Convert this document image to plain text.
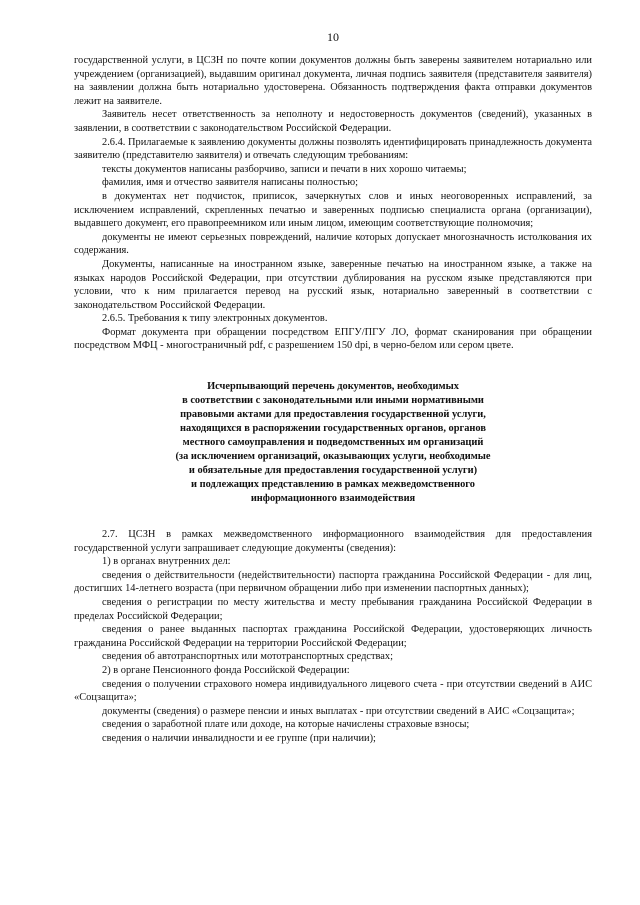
10

государственной услуги, в ЦСЗН по почте копии документов должны быть заверены заявителем нотариально или учреждением (организацией), выдавшим оригинал документа, личная подпись заявителя (представителя заявителя) на заявлении должна быть нотариально удостоверена. Обязанность подтверждения факта отправки документов лежит на заявителе.

Заявитель несет ответственность за неполноту и недостоверность документов (сведений), указанных в заявлении, в соответствии с законодательством Российской Федерации.

2.6.4. Прилагаемые к заявлению документы должны позволять идентифицировать принадлежность документа заявителю (представителю заявителя) и отвечать следующим требованиям:

тексты документов написаны разборчиво, записи и печати в них хорошо читаемы;

фамилия, имя и отчество заявителя написаны полностью;

в документах нет подчисток, приписок, зачеркнутых слов и иных неоговоренных исправлений, за исключением исправлений, скрепленных печатью и заверенных подписью специалиста органа (организации), выдавшего документ, его правопреемником или иным лицом, имеющим соответствующие полномочия;

документы не имеют серьезных повреждений, наличие которых допускает многозначность истолкования их содержания.

Документы, написанные на иностранном языке, заверенные печатью на иностранном языке, а также на языках народов Российской Федерации, при отсутствии дублирования на русском языке представляются при условии, что к ним прилагается перевод на русский язык, нотариально заверенный в соответствии с законодательством Российской Федерации.

2.6.5. Требования к типу электронных документов.

Формат документа при обращении посредством ЕПГУ/ПГУ ЛО, формат сканирования при обращении посредством МФЦ - многостраничный pdf, с разрешением 150 dpi, в черно-белом или сером цвете.

Исчерпывающий перечень документов, необходимых
в соответствии с законодательными или иными нормативными
правовыми актами для предоставления государственной услуги,
находящихся в распоряжении государственных органов, органов
местного самоуправления и подведомственных им организаций
(за исключением организаций, оказывающих услуги, необходимые
и обязательные для предоставления государственной услуги)
и подлежащих представлению в рамках межведомственного
информационного взаимодействия

2.7. ЦСЗН в рамках межведомственного информационного взаимодействия для предоставления государственной услуги запрашивает следующие документы (сведения):

1) в органах внутренних дел:

сведения о действительности (недействительности) паспорта гражданина Российской Федерации - для лиц, достигших 14-летнего возраста (при первичном обращении либо при изменении паспортных данных);

сведения о регистрации по месту жительства и месту пребывания гражданина Российской Федерации в пределах Российской Федерации;

сведения о ранее выданных паспортах гражданина Российской Федерации, удостоверяющих личность гражданина Российской Федерации на территории Российской Федерации;

сведения об автотранспортных или мототранспортных средствах;

2) в органе Пенсионного фонда Российской Федерации:

сведения о получении страхового номера индивидуального лицевого счета - при отсутствии сведений в АИС «Соцзащита»;

документы (сведения) о размере пенсии и иных выплатах - при отсутствии сведений в АИС «Соцзащита»;

сведения о заработной плате или доходе, на которые начислены страховые взносы;

сведения о наличии инвалидности и ее группе (при наличии);
